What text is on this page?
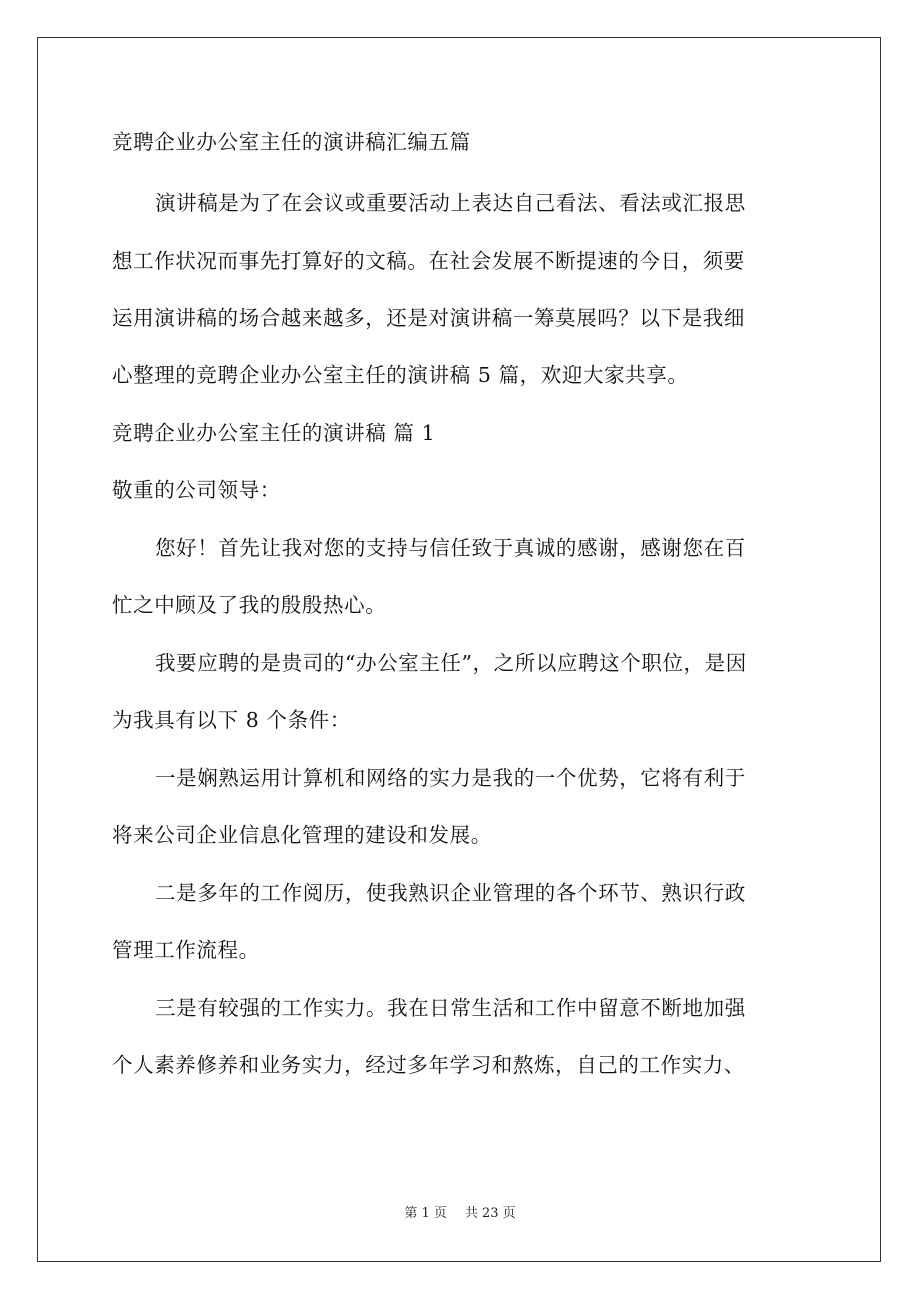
竞聘企业办公室主任的演讲稿汇编五篇
演讲稿是为了在会议或重要活动上表达自己看法、看法或汇报思
想工作状况而事先打算好的文稿。在社会发展不断提速的今日，须要
运用演讲稿的场合越来越多，还是对演讲稿一筹莫展吗？以下是我细
心整理的竞聘企业办公室主任的演讲稿 5 篇，欢迎大家共享。
竞聘企业办公室主任的演讲稿 篇 1
敬重的公司领导：
您好！首先让我对您的支持与信任致于真诚的感谢，感谢您在百
忙之中顾及了我的殷殷热心。
我要应聘的是贵司的“办公室主任”，之所以应聘这个职位，是因
为我具有以下 8 个条件：
一是娴熟运用计算机和网络的实力是我的一个优势，它将有利于
将来公司企业信息化管理的建设和发展。
二是多年的工作阅历，使我熟识企业管理的各个环节、熟识行政
管理工作流程。
三是有较强的工作实力。我在日常生活和工作中留意不断地加强
个人素养修养和业务实力，经过多年学习和熬炼，自己的工作实力、
第 1 页 共 23 页
